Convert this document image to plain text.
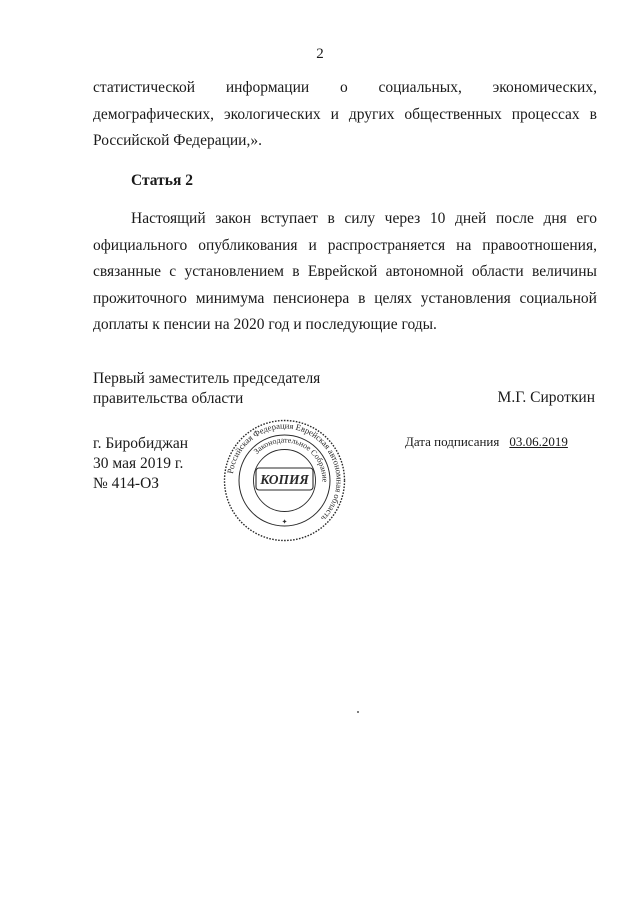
2
статистической информации о социальных, экономических,
демографических, экологических и других общественных процессах в
Российской Федерации,».
Статья 2
Настоящий закон вступает в силу через 10 дней после дня его
официального опубликования и распространяется на правоотношения,
связанные с установлением в Еврейской автономной области величины
прожиточного минимума пенсионера в целях установления социальной
доплаты к пенсии на 2020 год и последующие годы.
Первый заместитель председателя
правительства области	М.Г. Сироткин
г. Биробиджан
30 мая 2019 г.
№ 414-ОЗ
Дата подписания 03.06.2019
Российская Федерация Еврейская автономная область
Законодательное Собрание
КОПИЯ
✦
